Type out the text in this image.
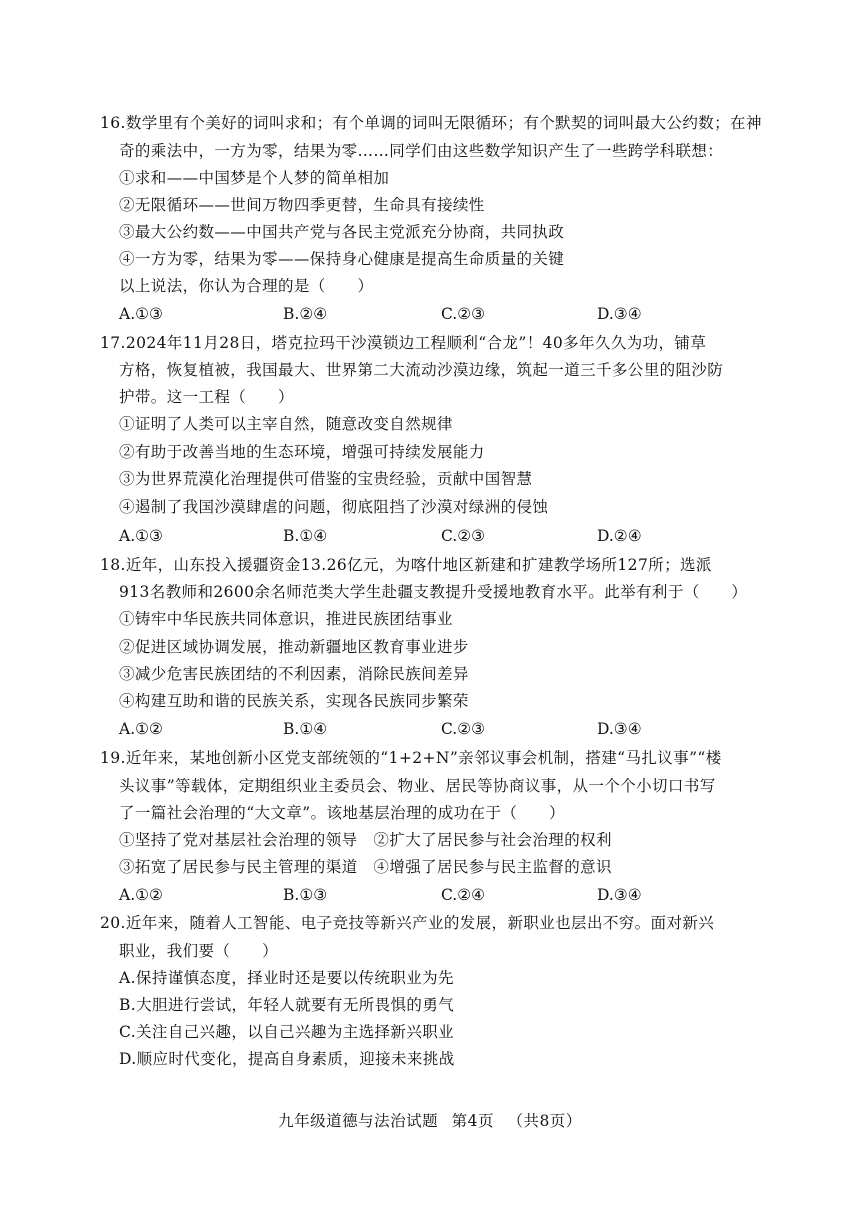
16.数学里有个美好的词叫求和；有个单调的词叫无限循环；有个默契的词叫最大公约数；在神
奇的乘法中，一方为零，结果为零……同学们由这些数学知识产生了一些跨学科联想：
①求和——中国梦是个人梦的简单相加
②无限循环——世间万物四季更替，生命具有接续性
③最大公约数——中国共产党与各民主党派充分协商，共同执政
④一方为零，结果为零——保持身心健康是提高生命质量的关键
以上说法，你认为合理的是（　　）
A.①③	B.②④	C.②③	D.③④
17.2024年11月28日，塔克拉玛干沙漠锁边工程顺利“合龙”！40多年久久为功，铺草
方格，恢复植被，我国最大、世界第二大流动沙漠边缘，筑起一道三千多公里的阻沙防
护带。这一工程（　　）
①证明了人类可以主宰自然，随意改变自然规律
②有助于改善当地的生态环境，增强可持续发展能力
③为世界荒漠化治理提供可借鉴的宝贵经验，贡献中国智慧
④遏制了我国沙漠肆虐的问题，彻底阻挡了沙漠对绿洲的侵蚀
A.①③	B.①④	C.②③	D.②④
18.近年，山东投入援疆资金13.26亿元，为喀什地区新建和扩建教学场所127所；选派
913名教师和2600余名师范类大学生赴疆支教提升受援地教育水平。此举有利于（　　）
①铸牢中华民族共同体意识，推进民族团结事业
②促进区域协调发展，推动新疆地区教育事业进步
③减少危害民族团结的不利因素，消除民族间差异
④构建互助和谐的民族关系，实现各民族同步繁荣
A.①②	B.①④	C.②③	D.③④
19.近年来，某地创新小区党支部统领的“1+2+N”亲邻议事会机制，搭建“马扎议事”“楼
头议事”等载体，定期组织业主委员会、物业、居民等协商议事，从一个个小切口书写
了一篇社会治理的“大文章”。该地基层治理的成功在于（　　）
①坚持了党对基层社会治理的领导　②扩大了居民参与社会治理的权利
③拓宽了居民参与民主管理的渠道　④增强了居民参与民主监督的意识
A.①②	B.①③	C.②④	D.③④
20.近年来，随着人工智能、电子竞技等新兴产业的发展，新职业也层出不穷。面对新兴
职业，我们要（　　）
A.保持谨慎态度，择业时还是要以传统职业为先
B.大胆进行尝试，年轻人就要有无所畏惧的勇气
C.关注自己兴趣，以自己兴趣为主选择新兴职业
D.顺应时代变化，提高自身素质，迎接未来挑战
九年级道德与法治试题 第4页 （共8页）
